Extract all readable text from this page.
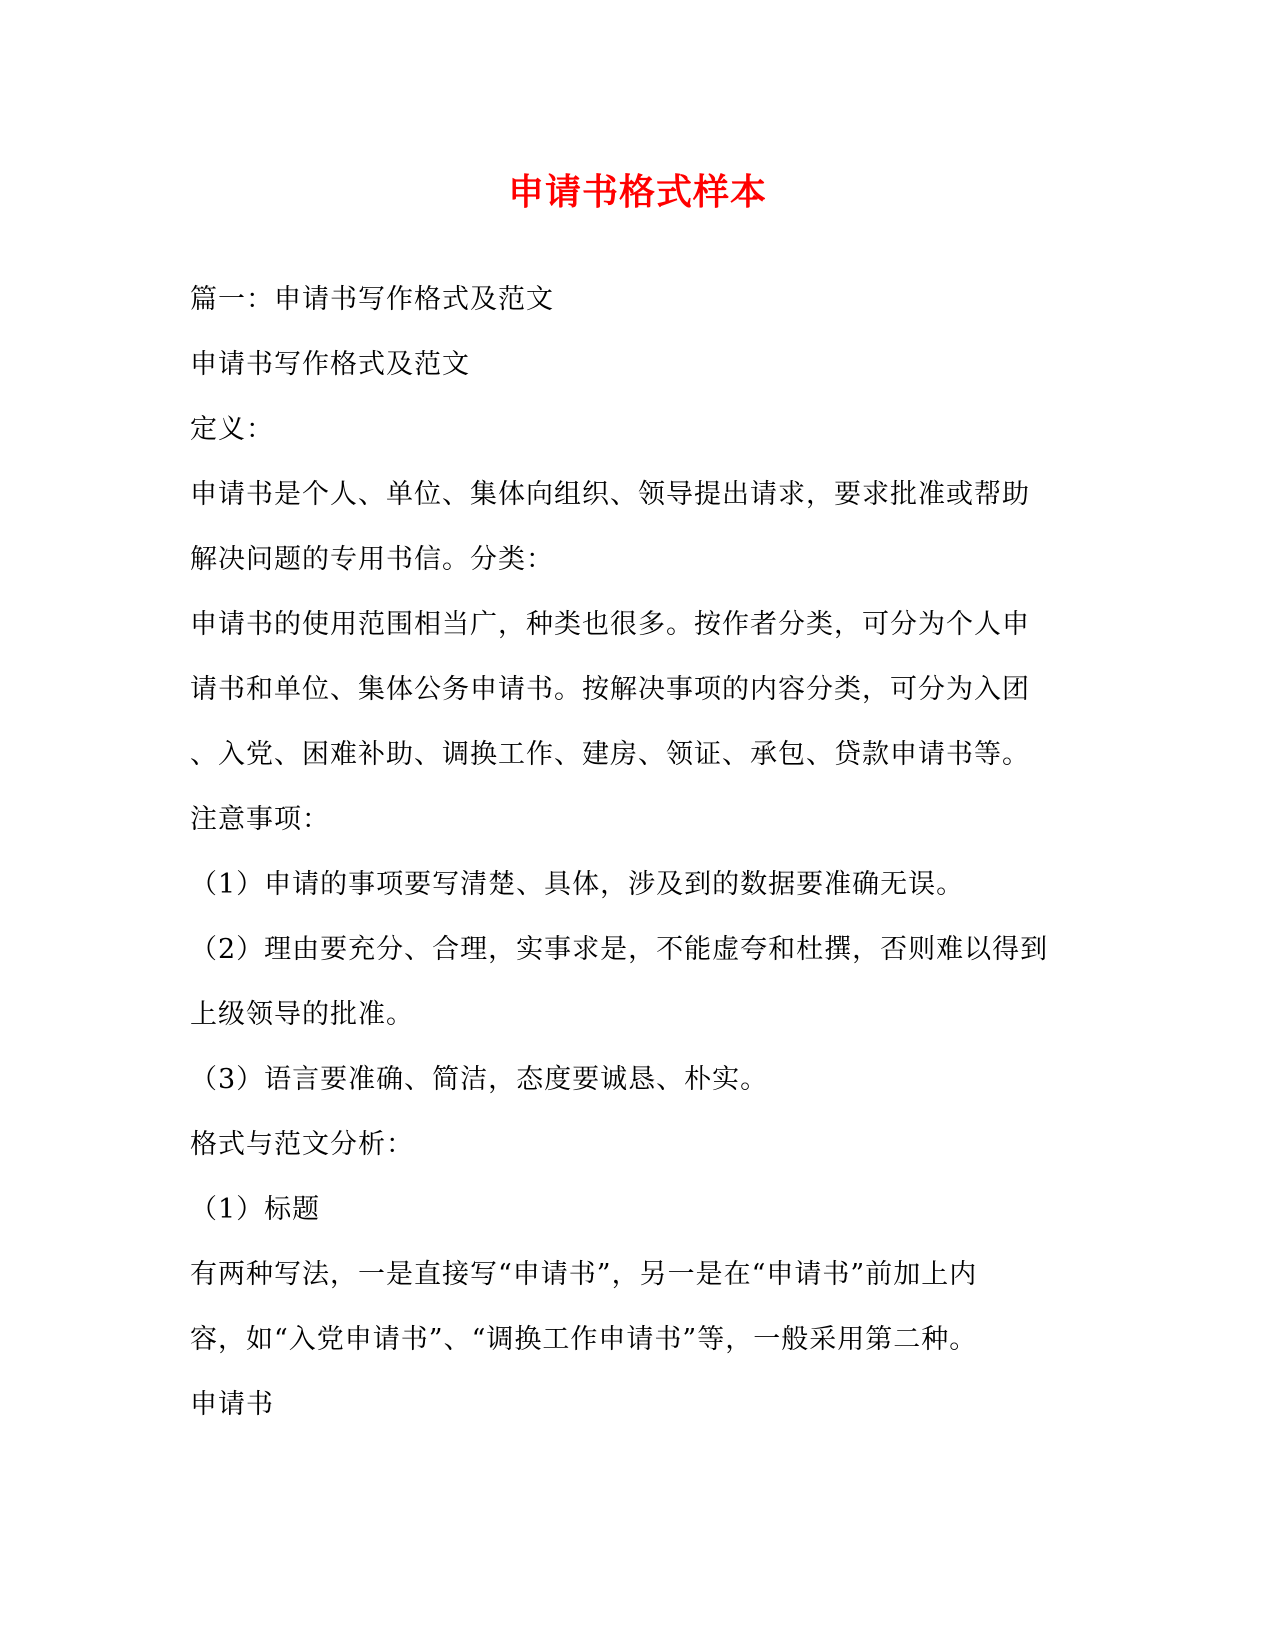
申请书格式样本
篇一：申请书写作格式及范文
申请书写作格式及范文
定义：
申请书是个人、单位、集体向组织、领导提出请求，要求批准或帮助
解决问题的专用书信。分类：
申请书的使用范围相当广，种类也很多。按作者分类，可分为个人申
请书和单位、集体公务申请书。按解决事项的内容分类，可分为入团
、入党、困难补助、调换工作、建房、领证、承包、贷款申请书等。
注意事项：
（1）申请的事项要写清楚、具体，涉及到的数据要准确无误。
（2）理由要充分、合理，实事求是，不能虚夸和杜撰，否则难以得到
上级领导的批准。
（3）语言要准确、简洁，态度要诚恳、朴实。
格式与范文分析：
（1）标题
有两种写法，一是直接写“申请书”，另一是在“申请书”前加上内
容，如“入党申请书”、“调换工作申请书”等，一般采用第二种。
申请书
